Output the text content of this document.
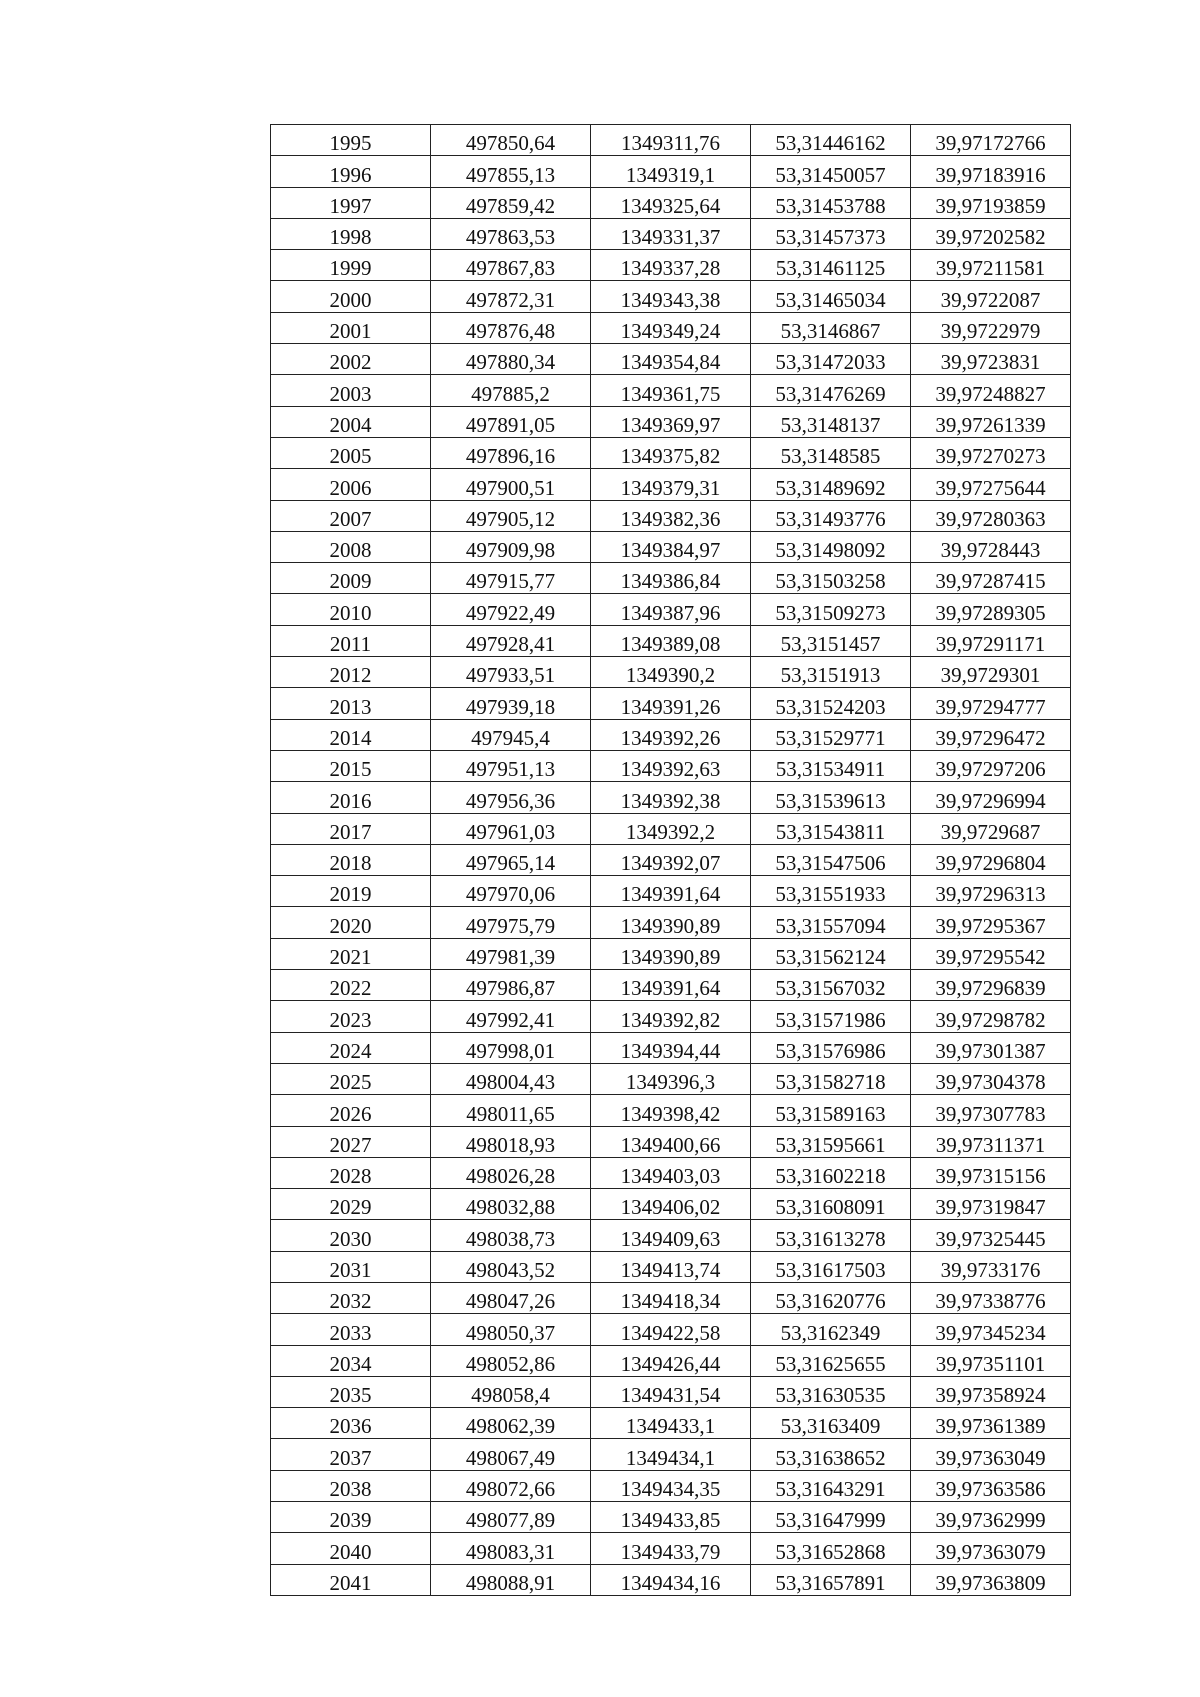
1995	497850,64	1349311,76	53,31446162	39,97172766
1996	497855,13	1349319,1	53,31450057	39,97183916
1997	497859,42	1349325,64	53,31453788	39,97193859
1998	497863,53	1349331,37	53,31457373	39,97202582
1999	497867,83	1349337,28	53,31461125	39,97211581
2000	497872,31	1349343,38	53,31465034	39,9722087
2001	497876,48	1349349,24	53,3146867	39,9722979
2002	497880,34	1349354,84	53,31472033	39,9723831
2003	497885,2	1349361,75	53,31476269	39,97248827
2004	497891,05	1349369,97	53,3148137	39,97261339
2005	497896,16	1349375,82	53,3148585	39,97270273
2006	497900,51	1349379,31	53,31489692	39,97275644
2007	497905,12	1349382,36	53,31493776	39,97280363
2008	497909,98	1349384,97	53,31498092	39,9728443
2009	497915,77	1349386,84	53,31503258	39,97287415
2010	497922,49	1349387,96	53,31509273	39,97289305
2011	497928,41	1349389,08	53,3151457	39,97291171
2012	497933,51	1349390,2	53,3151913	39,9729301
2013	497939,18	1349391,26	53,31524203	39,97294777
2014	497945,4	1349392,26	53,31529771	39,97296472
2015	497951,13	1349392,63	53,31534911	39,97297206
2016	497956,36	1349392,38	53,31539613	39,97296994
2017	497961,03	1349392,2	53,31543811	39,9729687
2018	497965,14	1349392,07	53,31547506	39,97296804
2019	497970,06	1349391,64	53,31551933	39,97296313
2020	497975,79	1349390,89	53,31557094	39,97295367
2021	497981,39	1349390,89	53,31562124	39,97295542
2022	497986,87	1349391,64	53,31567032	39,97296839
2023	497992,41	1349392,82	53,31571986	39,97298782
2024	497998,01	1349394,44	53,31576986	39,97301387
2025	498004,43	1349396,3	53,31582718	39,97304378
2026	498011,65	1349398,42	53,31589163	39,97307783
2027	498018,93	1349400,66	53,31595661	39,97311371
2028	498026,28	1349403,03	53,31602218	39,97315156
2029	498032,88	1349406,02	53,31608091	39,97319847
2030	498038,73	1349409,63	53,31613278	39,97325445
2031	498043,52	1349413,74	53,31617503	39,9733176
2032	498047,26	1349418,34	53,31620776	39,97338776
2033	498050,37	1349422,58	53,3162349	39,97345234
2034	498052,86	1349426,44	53,31625655	39,97351101
2035	498058,4	1349431,54	53,31630535	39,97358924
2036	498062,39	1349433,1	53,3163409	39,97361389
2037	498067,49	1349434,1	53,31638652	39,97363049
2038	498072,66	1349434,35	53,31643291	39,97363586
2039	498077,89	1349433,85	53,31647999	39,97362999
2040	498083,31	1349433,79	53,31652868	39,97363079
2041	498088,91	1349434,16	53,31657891	39,97363809
